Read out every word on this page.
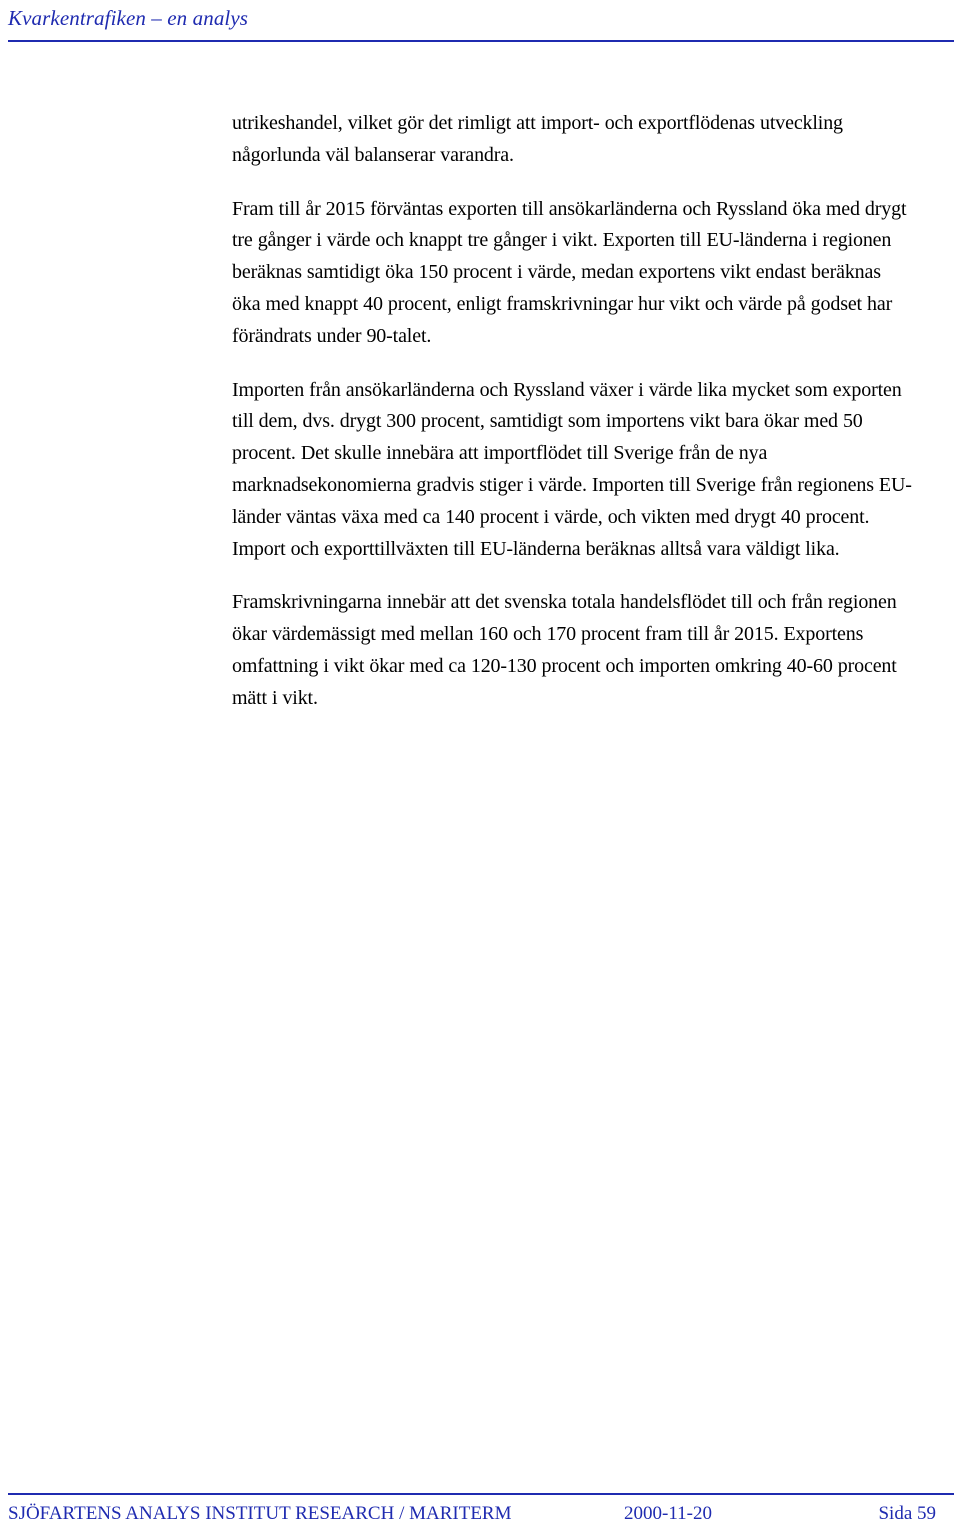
Kvarkentrafiken – en analys

utrikeshandel, vilket gör det rimligt att import- och exportflödenas utveckling någorlunda väl balanserar varandra.

Fram till år 2015 förväntas exporten till ansökarländerna och Ryssland öka med drygt tre gånger i värde och knappt tre gånger i vikt. Exporten till EU-länderna i regionen beräknas samtidigt öka 150 procent i värde, medan exportens vikt endast beräknas öka med knappt 40 procent, enligt framskrivningar hur vikt och värde på godset har förändrats under 90-talet.

Importen från ansökarländerna och Ryssland växer i värde lika mycket som exporten till dem, dvs. drygt 300 procent, samtidigt som importens vikt bara ökar med 50 procent. Det skulle innebära att importflödet till Sverige från de nya marknadsekonomierna gradvis stiger i värde. Importen till Sverige från regionens EU-länder väntas växa med ca 140 procent i värde, och vikten med drygt 40 procent. Import och exporttillväxten till EU-länderna beräknas alltså vara väldigt lika.

Framskrivningarna innebär att det svenska totala handelsflödet till och från regionen ökar värdemässigt med mellan 160 och 170 procent fram till år 2015. Exportens omfattning i vikt ökar med ca 120-130 procent och importen omkring 40-60 procent mätt i vikt.

SJÖFARTENS ANALYS INSTITUT RESEARCH / MARITERM	2000-11-20	Sida 59
